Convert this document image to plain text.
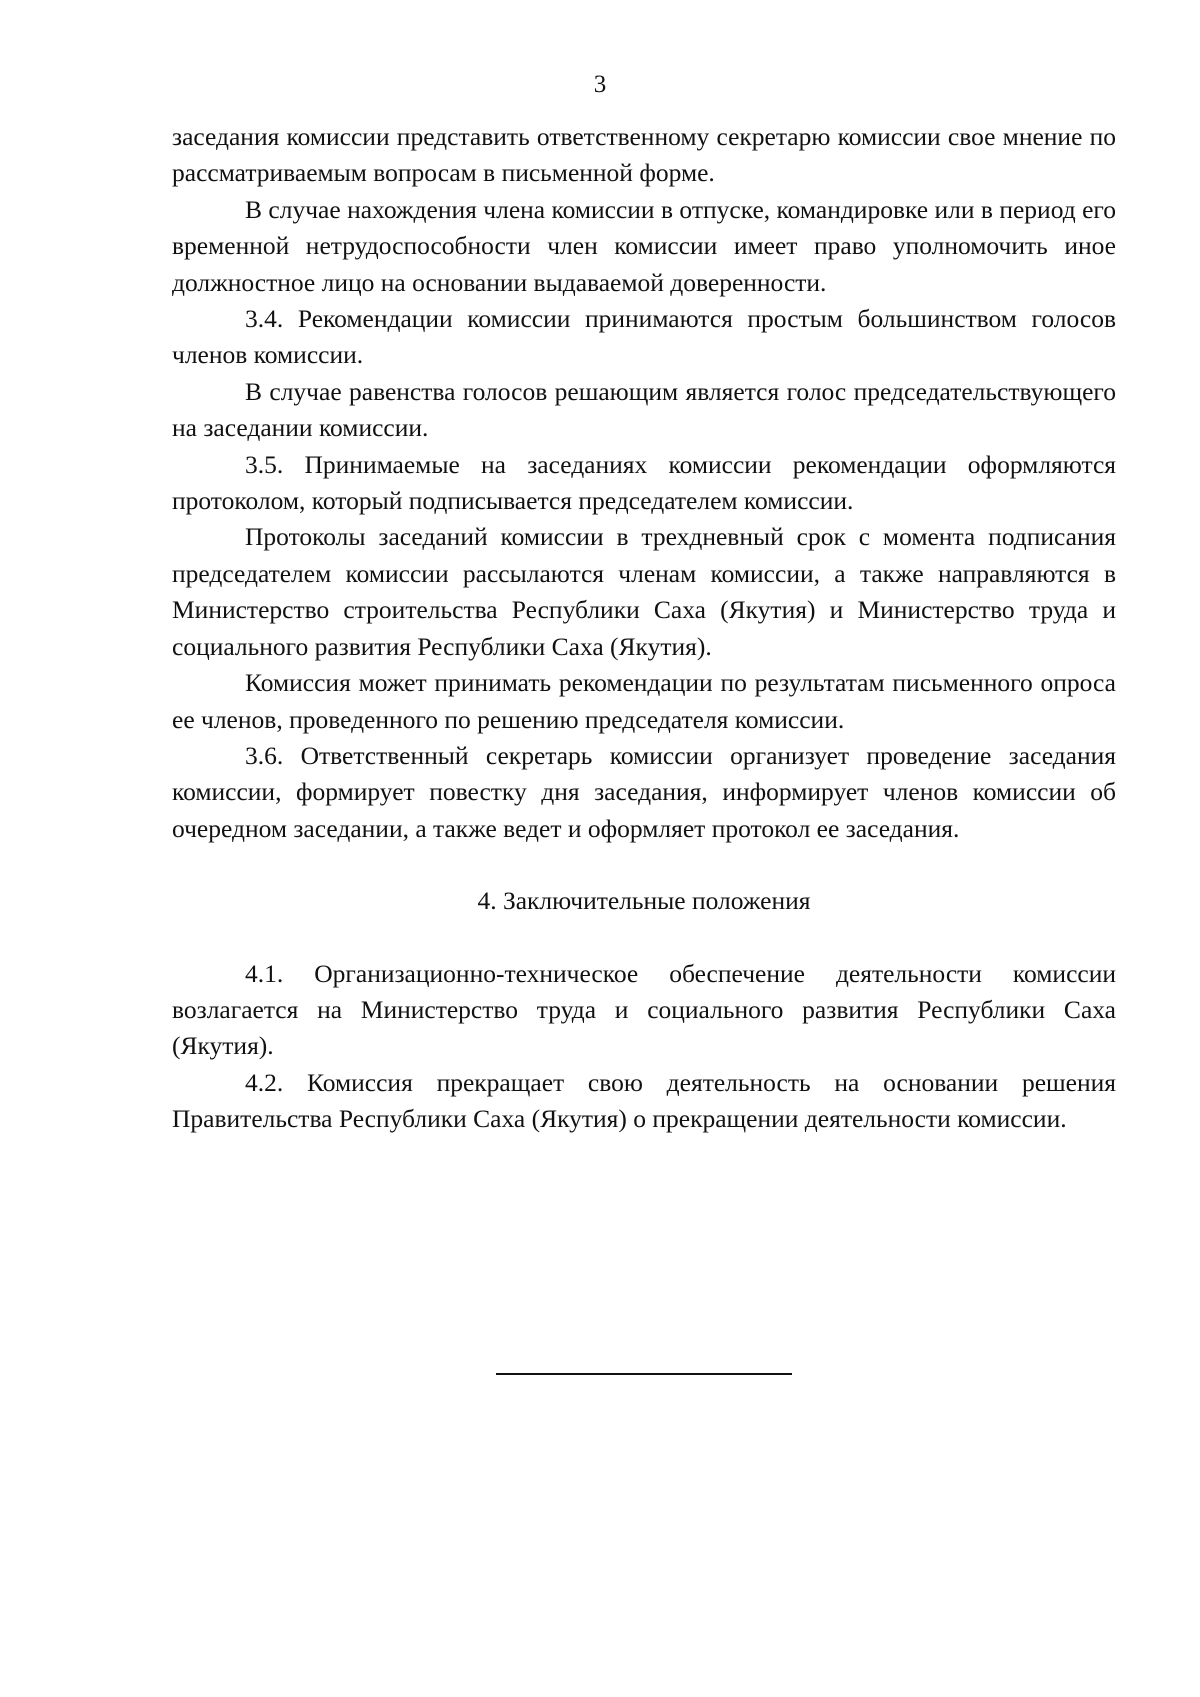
3

заседания комиссии представить ответственному секретарю комиссии свое мнение по рассматриваемым вопросам в письменной форме.

В случае нахождения члена комиссии в отпуске, командировке или в период его временной нетрудоспособности член комиссии имеет право уполномочить иное должностное лицо на основании выдаваемой доверенности.

3.4. Рекомендации комиссии принимаются простым большинством голосов членов комиссии.

В случае равенства голосов решающим является голос председательствующего на заседании комиссии.

3.5. Принимаемые на заседаниях комиссии рекомендации оформляются протоколом, который подписывается председателем комиссии.

Протоколы заседаний комиссии в трехдневный срок с момента подписания председателем комиссии рассылаются членам комиссии, а также направляются в Министерство строительства Республики Саха (Якутия) и Министерство труда и социального развития Республики Саха (Якутия).

Комиссия может принимать рекомендации по результатам письменного опроса ее членов, проведенного по решению председателя комиссии.

3.6. Ответственный секретарь комиссии организует проведение заседания комиссии, формирует повестку дня заседания, информирует членов комиссии об очередном заседании, а также ведет и оформляет протокол ее заседания.

4. Заключительные положения

4.1. Организационно-техническое обеспечение деятельности комиссии возлагается на Министерство труда и социального развития Республики Саха (Якутия).

4.2. Комиссия прекращает свою деятельность на основании решения Правительства Республики Саха (Якутия) о прекращении деятельности комиссии.
